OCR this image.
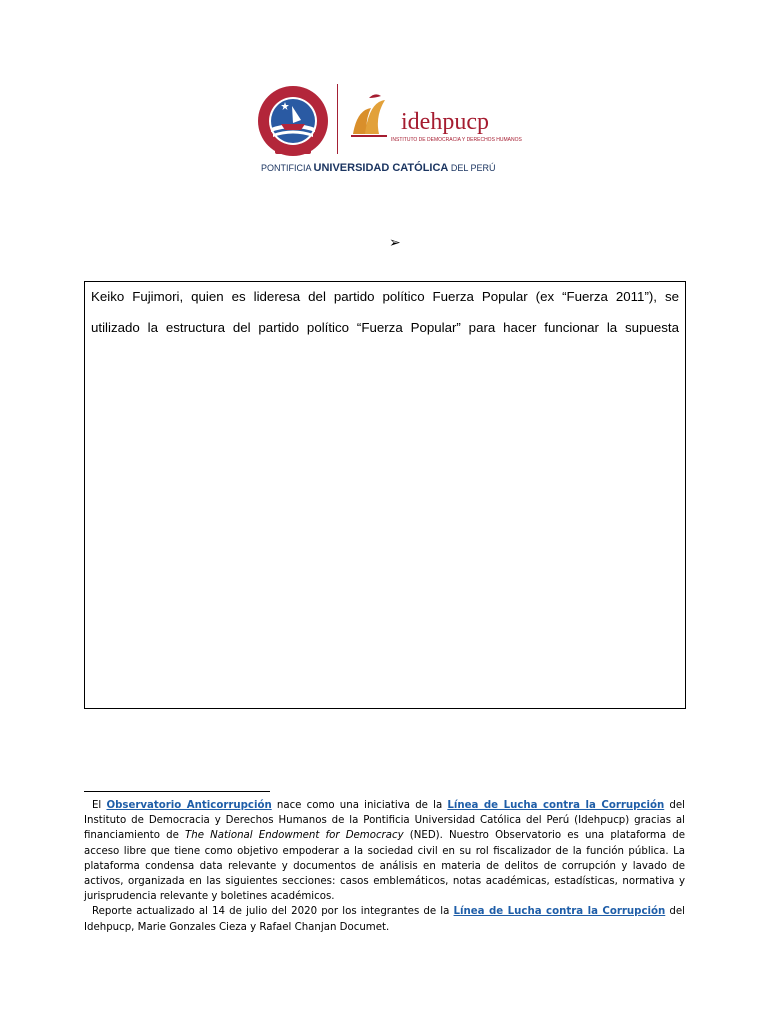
idehpucp
INSTITUTO DE DEMOCRACIA Y DERECHOS HUMANOS
PONTIFICIA UNIVERSIDAD CATÓLICA DEL PERÚ
➢
Keiko Fujimori, quien es lideresa del partido político Fuerza Popular (ex “Fuerza 2011”), se
utilizado la estructura del partido político “Fuerza Popular” para hacer funcionar la supuesta

El Observatorio Anticorrupción nace como una iniciativa de la Línea de Lucha contra la Corrupción del Instituto de Democracia y Derechos Humanos de la Pontificia Universidad Católica del Perú (Idehpucp) gracias al financiamiento de The National Endowment for Democracy (NED). Nuestro Observatorio es una plataforma de acceso libre que tiene como objetivo empoderar a la sociedad civil en su rol fiscalizador de la función pública. La plataforma condensa data relevante y documentos de análisis en materia de delitos de corrupción y lavado de activos, organizada en las siguientes secciones: casos emblemáticos, notas académicas, estadísticas, normativa y jurisprudencia relevante y boletines académicos.

Reporte actualizado al 14 de julio del 2020 por los integrantes de la Línea de Lucha contra la Corrupción del Idehpucp, Marie Gonzales Cieza y Rafael Chanjan Documet.
